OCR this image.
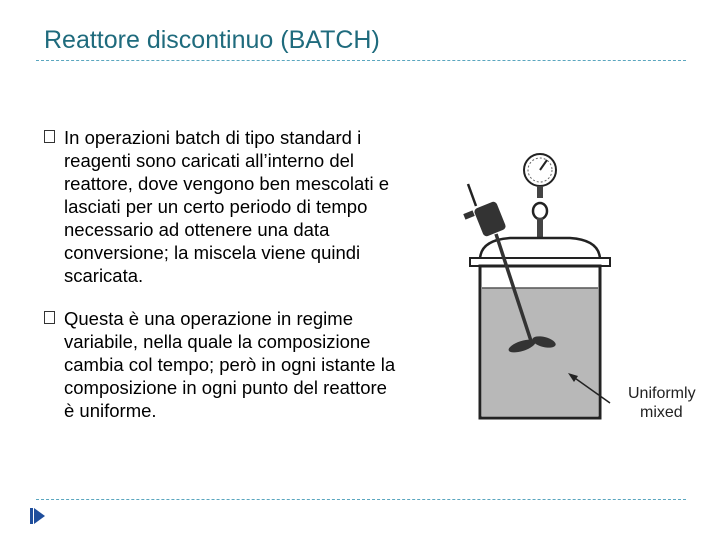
Reattore discontinuo (BATCH)
In operazioni batch di tipo standard i reagenti sono caricati all’interno del reattore, dove vengono ben mescolati e lasciati per un certo periodo di tempo necessario ad ottenere una data conversione; la miscela viene quindi scaricata.
Questa è una operazione in regime variabile, nella quale la composizione cambia col tempo; però in ogni istante la composizione in ogni punto del reattore è uniforme.
Uniformly
mixed
